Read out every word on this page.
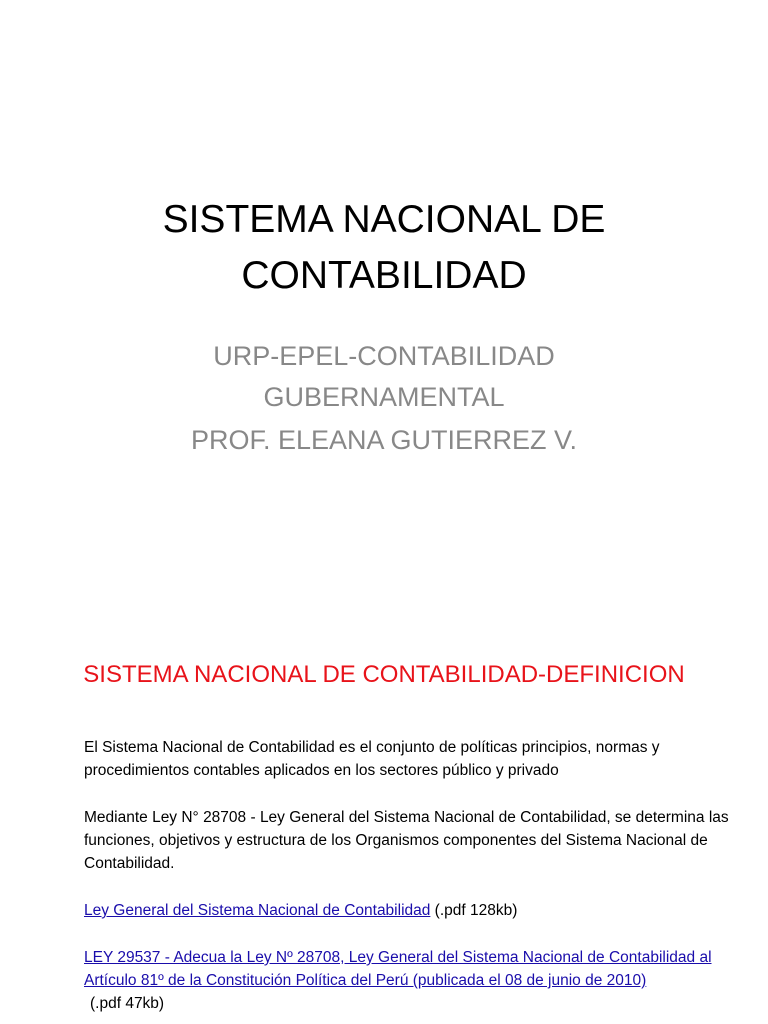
SISTEMA NACIONAL DE CONTABILIDAD
URP-EPEL-CONTABILIDAD
GUBERNAMENTAL
PROF. ELEANA GUTIERREZ V.
SISTEMA NACIONAL DE CONTABILIDAD-DEFINICION

El Sistema Nacional de Contabilidad es el conjunto de políticas principios, normas y procedimientos contables aplicados en los sectores público y privado

Mediante Ley N° 28708 - Ley General del Sistema Nacional de Contabilidad, se determina las funciones, objetivos y estructura de los Organismos componentes del Sistema Nacional de Contabilidad.

Ley General del Sistema Nacional de Contabilidad (.pdf 128kb)

LEY 29537 - Adecua la Ley Nº 28708, Ley General del Sistema Nacional de Contabilidad al Artículo 81º de la Constitución Política del Perú (publicada el 08 de junio de 2010)
(.pdf 47kb)
